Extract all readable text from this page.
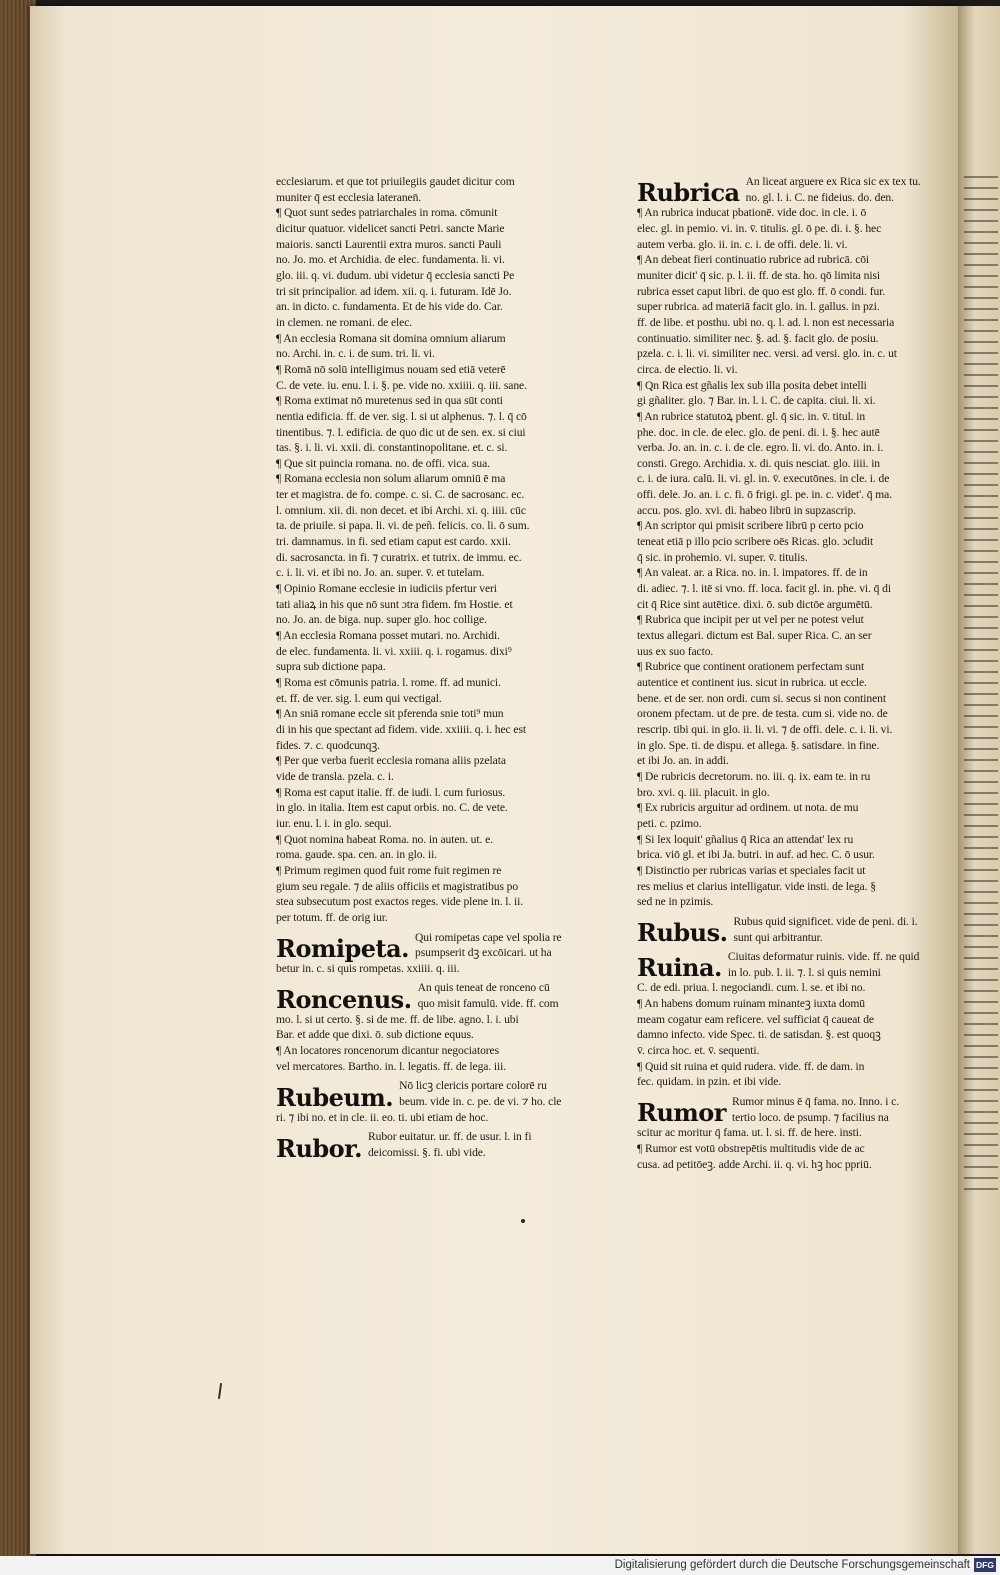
ecclesiarum. et que tot priuilegiis gaudet dicitur com
muniter q̄ est ecclesia lateranen̄.
¶ Quot sunt sedes patriarchales in roma. cōmunit
dicitur quatuor. videlicet sancti Petri. sancte Marie
maioris. sancti Laurentii extra muros. sancti Pauli
no. Jo. mo. et Archidia. de elec. fundamenta. li. vi.
glo. iii. q. vi. dudum. ubi videtur q̄ ecclesia sancti Pe
tri sit principalior. ad idem. xii. q. i. futuram. Idē Jo.
an. in dicto. c. fundamenta. Et de his vide do. Car.
in clemen. ne romani. de elec.
¶ An ecclesia Romana sit domina omnium aliarum
no. Archi. in. c. i. de sum. tri. li. vi.
¶ Romā nō solū intelligimus nouam sed etiā veterē
C. de vete. iu. enu. l. i. §. pe. vide no. xxiiii. q. iii. sane.
¶ Roma extimat nō muretenus sed in qua sūt conti
nentia edificia. ff. de ver. sig. l. si ut alphenus. ⁊. l. q̄ cō
tinentibus. ⁊. l. edificia. de quo dic ut de sen. ex. si ciui
tas. §. i. li. vi. xxii. di. constantinopolitane. et. c. si.
¶ Que sit puincia romana. no. de offi. vica. sua.
¶ Romana ecclesia non solum aliarum omniū ē ma
ter et magistra. de fo. compe. c. si. C. de sacrosanc. ec.
l. omnium. xii. di. non decet. et ibi Archi. xi. q. iiii. cūc
ta. de priuile. si papa. li. vi. de peñ. felicis. co. li. ō sum.
tri. damnamus. in fi. sed etiam caput est cardo. xxii.
di. sacrosancta. in fi. ⁊ curatrix. et tutrix. de immu. ec.
c. i. li. vi. et ibi no. Jo. an. super. v̄. et tutelam.
¶ Opinio Romane ecclesie in iudiciis pfertur veri
tati aliaꝝ in his que nō sunt ɔtra fidem. fm Hostie. et
no. Jo. an. de biga. nup. super glo. hoc collige.
¶ An ecclesia Romana posset mutari. no. Archidi.
de elec. fundamenta. li. vi. xxiii. q. i. rogamus. dixi⁹
supra sub dictione papa.
¶ Roma est cōmunis patria. l. rome. ff. ad munici.
et. ff. de ver. sig. l. eum qui vectigal.
¶ An sniā romane eccle sit pferenda snie toti⁹ mun
di in his que spectant ad fidem. vide. xxiiii. q. i. hec est
fides. ⁊. c. quodcunqꝫ.
¶ Per que verba fuerit ecclesia romana aliis pzelata
vide de transla. pzela. c. i.
¶ Roma est caput italie. ff. de iudi. l. cum furiosus.
in glo. in italia. Item est caput orbis. no. C. de vete.
iur. enu. l. i. in glo. sequi.
¶ Quot nomina habeat Roma. no. in auten. ut. e.
roma. gaude. spa. cen. an. in glo. ii.
¶ Primum regimen quod fuit rome fuit regimen re
gium seu regale. ⁊ de aliis officiis et magistratibus po
stea subsecutum post exactos reges. vide plene in. l. ii.
per totum. ff. de orig iur.
Romipeta. Qui romipetas cape vel spolia re psumpserit dꝫ excōicari. ut ha
betur in. c. si quis rompetas. xxiiii. q. iii.
Roncenus. An quis teneat de ronceno cū quo misit famulū. vide. ff. com
mo. l. si ut certo. §. si de me. ff. de libe. agno. l. i. ubi
Bar. et adde que dixi. ō. sub dictione equus.
¶ An locatores roncenorum dicantur negociatores
vel mercatores. Bartho. in. l. legatis. ff. de lega. iii.
Rubeum. Nō licꝫ clericis portare colorē ru beum. vide in. c. pe. de vi. ⁊ ho. cle
ri. ⁊ ibi no. et in cle. ii. eo. ti. ubi etiam de hoc.
Rubor. Rubor euitatur. ur. ff. de usur. l. in fi deicomissi. §. fi. ubi vide.
Rubrica An liceat arguere ex Rica sic ex tex tu. no. gl. l. i. C. ne fideius. do. den.
¶ An rubrica inducat pbationē. vide doc. in cle. i. ō
elec. gl. in pemio. vi. in. v̄. titulis. gl. ō pe. di. i. §. hec
autem verba. glo. ii. in. c. i. de offi. dele. li. vi.
¶ An debeat fieri continuatio rubrice ad rubricā. cōi
muniter dicit' q̄ sic. p. l. ii. ff. de sta. ho. qō limita nisi
rubrica esset caput libri. de quo est glo. ff. ō condi. fur.
super rubrica. ad materiā facit glo. in. l. gallus. in pzi.
ff. de libe. et posthu. ubi no. q. l. ad. l. non est necessaria
continuatio. similiter nec. §. ad. §. facit glo. de posiu.
pzela. c. i. li. vi. similiter nec. versi. ad versi. glo. in. c. ut
circa. de electio. li. vi.
¶ Qn Rica est gñalis lex sub illa posita debet intelli
gi gñaliter. glo. ⁊ Bar. in. l. i. C. de capita. ciui. li. xi.
¶ An rubrice statutoꝝ pbent. gl. q̄ sic. in. v̄. titul. in
phe. doc. in cle. de elec. glo. de peni. di. i. §. hec autē
verba. Jo. an. in. c. i. de cle. egro. li. vi. do. Anto. in. i.
consti. Grego. Archidia. x. di. quis nesciat. glo. iiii. in
c. i. de iura. calū. li. vi. gl. in. v̄. executōnes. in cle. i. de
offi. dele. Jo. an. i. c. fi. ō frigi. gl. pe. in. c. videt'. q̄ ma.
accu. pos. glo. xvi. di. habeo librū in supzascrip.
¶ An scriptor qui pmisit scribere librū p certo pcio
teneat etiā p illo pcio scribere oēs Ricas. glo. ɔcludit
q̄ sic. in prohemio. vi. super. v̄. titulis.
¶ An valeat. ar. a Rica. no. in. l. impatores. ff. de in
di. adiec. ⁊. l. itē si vno. ff. loca. facit gl. in. phe. vi. q̄ di
cit q̄ Rice sint autētice. dixi. ō. sub dictōe argumētū.
¶ Rubrica que incipit per ut vel per ne potest velut
textus allegari. dictum est Bal. super Rica. C. an ser
uus ex suo facto.
¶ Rubrice que continent orationem perfectam sunt
autentice et continent ius. sicut in rubrica. ut eccle.
bene. et de ser. non ordi. cum si. secus si non continent
oronem pfectam. ut de pre. de testa. cum si. vide no. de
rescrip. tibi qui. in glo. ii. li. vi. ⁊ de offi. dele. c. i. li. vi.
in glo. Spe. ti. de dispu. et allega. §. satisdare. in fine.
et ibi Jo. an. in addi.
¶ De rubricis decretorum. no. iii. q. ix. eam te. in ru
bro. xvi. q. iii. placuit. in glo.
¶ Ex rubricis arguitur ad ordinem. ut nota. de mu
peti. c. pzimo.
¶ Si lex loquit' gñalius q̄ Rica an attendat' lex ru
brica. viō gl. et ibi Ja. butri. in auf. ad hec. C. ō usur.
¶ Distinctio per rubricas varias et speciales facit ut
res melius et clarius intelligatur. vide insti. de lega. §
sed ne in pzimis.
Rubus. Rubus quid significet. vide de peni. di. i. sunt qui arbitrantur.
Ruina. Ciuitas deformatur ruinis. vide. ff. ne quid in lo. pub. l. ii. ⁊. l. si quis nemini
C. de edi. priua. l. negociandi. cum. l. se. et ibi no.
¶ An habens domum ruinam minanteꝫ iuxta domū
meam cogatur eam reficere. vel sufficiat q̄ caueat de
damno infecto. vide Spec. ti. de satisdan. §. est quoqꝫ
v̄. circa hoc. et. v̄. sequenti.
¶ Quid sit ruina et quid rudera. vide. ff. de dam. in
fec. quidam. in pzin. et ibi vide.
Rumor Rumor minus ē q̄ fama. no. Inno. i c. tertio loco. de psump. ⁊ facilius na
scitur ac moritur q̄ fama. ut. l. si. ff. de here. insti.
¶ Rumor est votū obstrepētis multitudis vide de ac
cusa. ad petitōeꝫ. adde Archi. ii. q. vi. hꝫ hoc ppriū.
Digitalisierung gefördert durch die Deutsche Forschungsgemeinschaft DFG
